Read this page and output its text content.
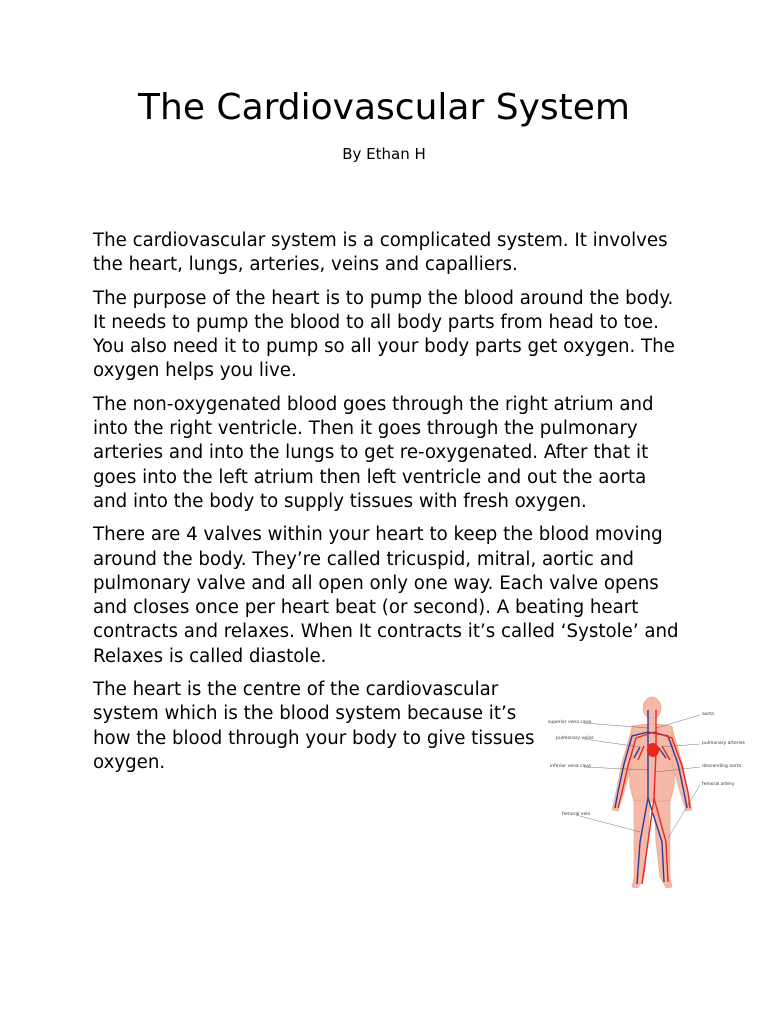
The Cardiovascular System
By Ethan H

The cardiovascular system is a complicated system. It involves the heart, lungs, arteries, veins and capalliers.

The purpose of the heart is to pump the blood around the body. It needs to pump the blood to all body parts from head to toe. You also need it to pump so all your body parts get oxygen. The oxygen helps you live.

The non-oxygenated blood goes through the right atrium and into the right ventricle. Then it goes through the pulmonary arteries and into the lungs to get re-oxygenated. After that it goes into the left atrium then left ventricle and out the aorta and into the body to supply tissues with fresh oxygen.

There are 4 valves within your heart to keep the blood moving around the body. They’re called tricuspid, mitral, aortic and pulmonary valve and all open only one way. Each valve opens and closes once per heart beat (or second). A beating heart contracts and relaxes. When It contracts it’s called ‘Systole’ and Relaxes is called diastole.

The heart is the centre of the cardiovascular system which is the blood system because it’s how the blood through your body to give tissues oxygen.

superior vena cava
pulmonary veins
inferior vena cava
femoral vein
aorta
pulmonary arteries
descending aorta
femoral artery
